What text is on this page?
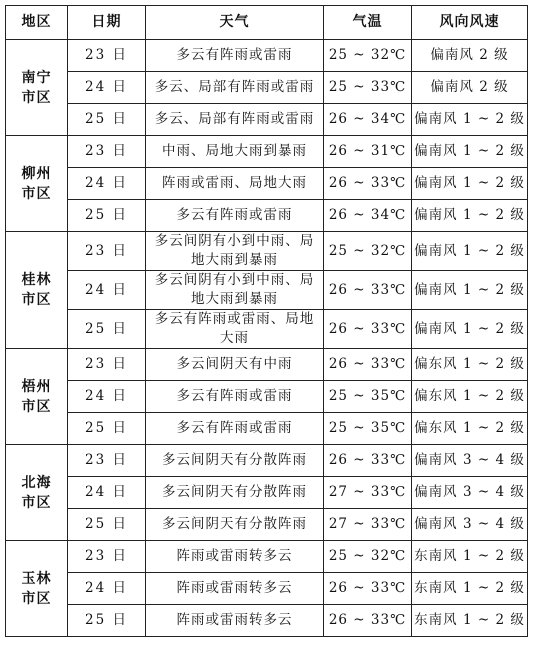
地区	日期	天气	气温	风向风速

南宁
市区	23 日	多云有阵雨或雷雨	25 ~ 32℃	偏南风 2 级
	24 日	多云、局部有阵雨或雷雨	25 ~ 33℃	偏南风 2 级
	25 日	多云、局部有阵雨或雷雨	26 ~ 34℃	偏南风 1 ~ 2 级

柳州
市区	23 日	中雨、局地大雨到暴雨	26 ~ 31℃	偏南风 1 ~ 2 级
	24 日	阵雨或雷雨、局地大雨	26 ~ 33℃	偏南风 1 ~ 2 级
	25 日	多云有阵雨或雷雨	26 ~ 34℃	偏南风 1 ~ 2 级

桂林
市区	23 日	多云间阴有小到中雨、局地大雨到暴雨	25 ~ 32℃	偏南风 1 ~ 2 级
	24 日	多云间阴有小到中雨、局地大雨到暴雨	26 ~ 33℃	偏南风 1 ~ 2 级
	25 日	多云有阵雨或雷雨、局地大雨	26 ~ 33℃	偏南风 1 ~ 2 级

梧州
市区	23 日	多云间阴天有中雨	26 ~ 33℃	偏东风 1 ~ 2 级
	24 日	多云有阵雨或雷雨	25 ~ 35℃	偏东风 1 ~ 2 级
	25 日	多云有阵雨或雷雨	25 ~ 35℃	偏东风 1 ~ 2 级

北海
市区	23 日	多云间阴天有分散阵雨	26 ~ 33℃	偏南风 3 ~ 4 级
	24 日	多云间阴天有分散阵雨	27 ~ 33℃	偏南风 3 ~ 4 级
	25 日	多云间阴天有分散阵雨	27 ~ 33℃	偏南风 3 ~ 4 级

玉林
市区	23 日	阵雨或雷雨转多云	25 ~ 32℃	东南风 1 ~ 2 级
	24 日	阵雨或雷雨转多云	26 ~ 33℃	东南风 1 ~ 2 级
	25 日	阵雨或雷雨转多云	26 ~ 33℃	东南风 1 ~ 2 级
